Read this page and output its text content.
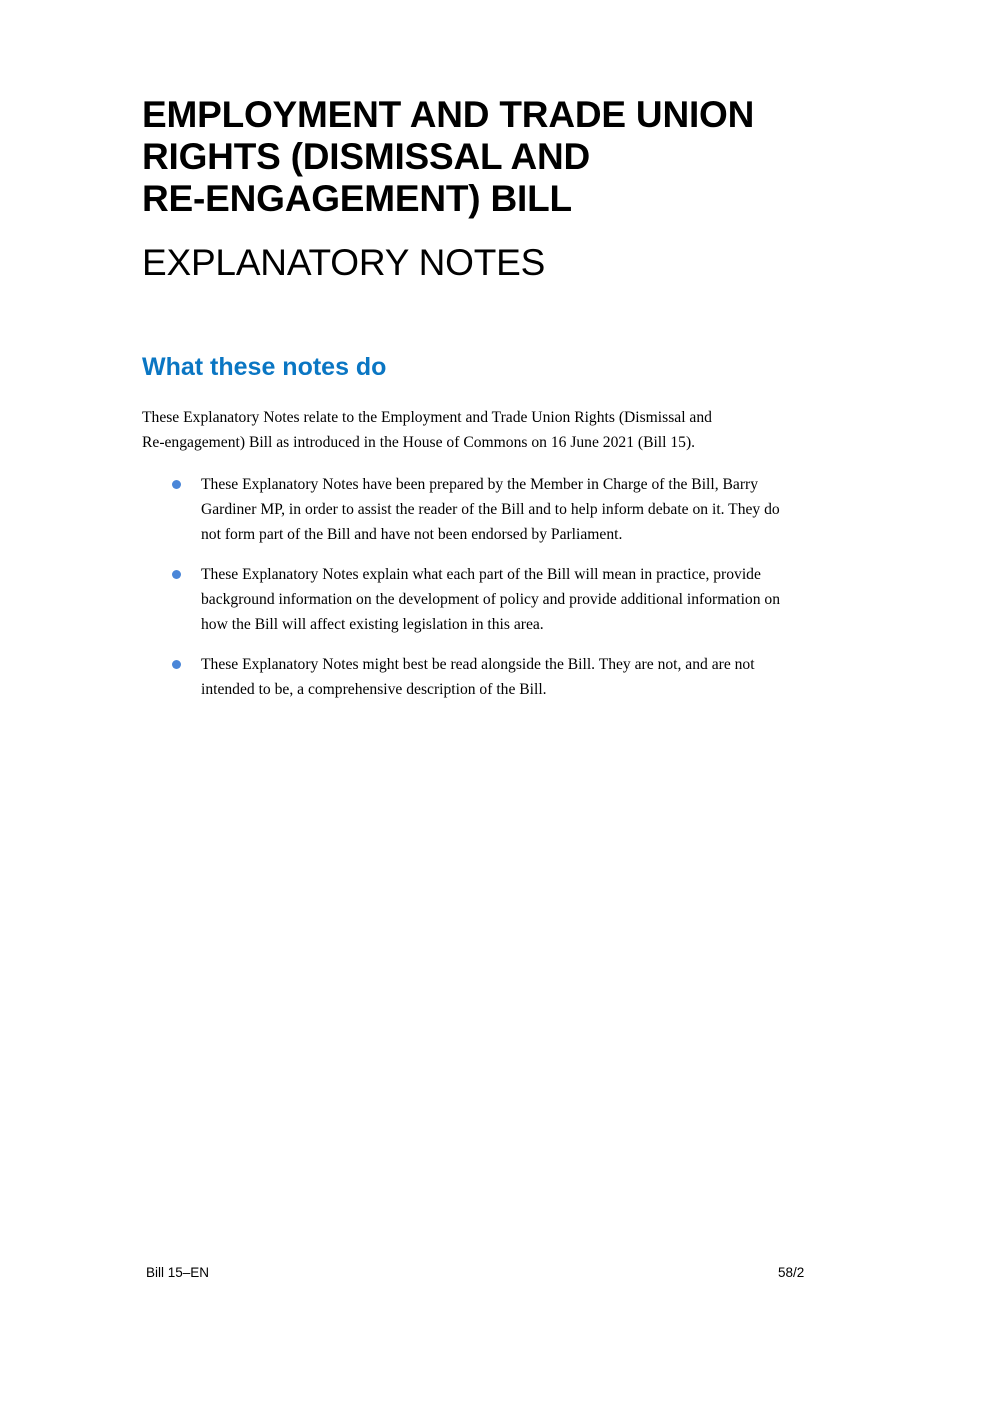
EMPLOYMENT AND TRADE UNION
RIGHTS (DISMISSAL AND
RE-ENGAGEMENT) BILL
EXPLANATORY NOTES
What these notes do

These Explanatory Notes relate to the Employment and Trade Union Rights (Dismissal and
Re-engagement) Bill as introduced in the House of Commons on 16 June 2021 (Bill 15).

These Explanatory Notes have been prepared by the Member in Charge of the Bill, Barry
Gardiner MP, in order to assist the reader of the Bill and to help inform debate on it. They do
not form part of the Bill and have not been endorsed by Parliament.
These Explanatory Notes explain what each part of the Bill will mean in practice, provide
background information on the development of policy and provide additional information on
how the Bill will affect existing legislation in this area.
These Explanatory Notes might best be read alongside the Bill. They are not, and are not
intended to be, a comprehensive description of the Bill.
Bill 15–EN	58/2
